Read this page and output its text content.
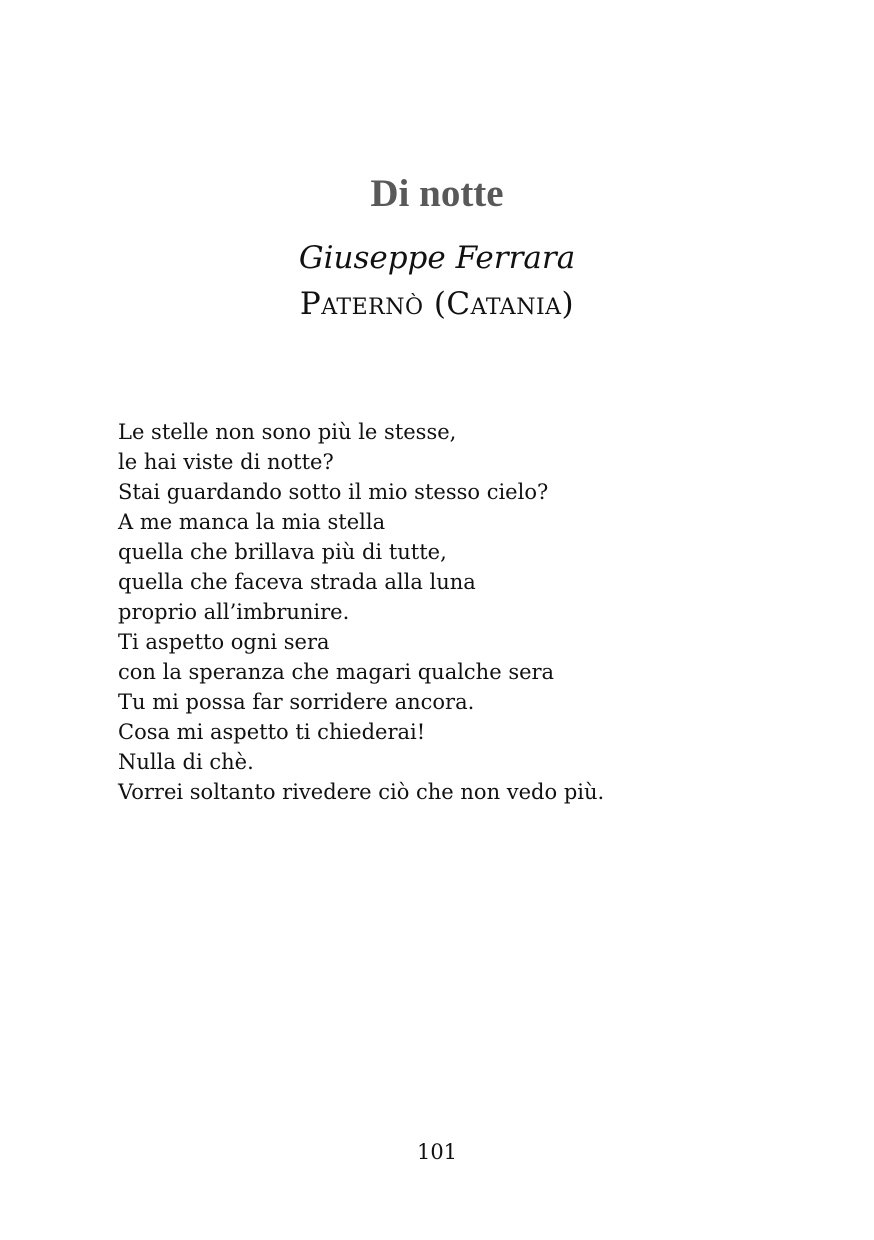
Di notte
Giuseppe Ferrara
Paternò (Catania)
Le stelle non sono più le stesse,
le hai viste di notte?
Stai guardando sotto il mio stesso cielo?
A me manca la mia stella
quella che brillava più di tutte,
quella che faceva strada alla luna
proprio all’imbrunire.
Ti aspetto ogni sera
con la speranza che magari qualche sera
Tu mi possa far sorridere ancora.
Cosa mi aspetto ti chiederai!
Nulla di chè.
Vorrei soltanto rivedere ciò che non vedo più.
101
